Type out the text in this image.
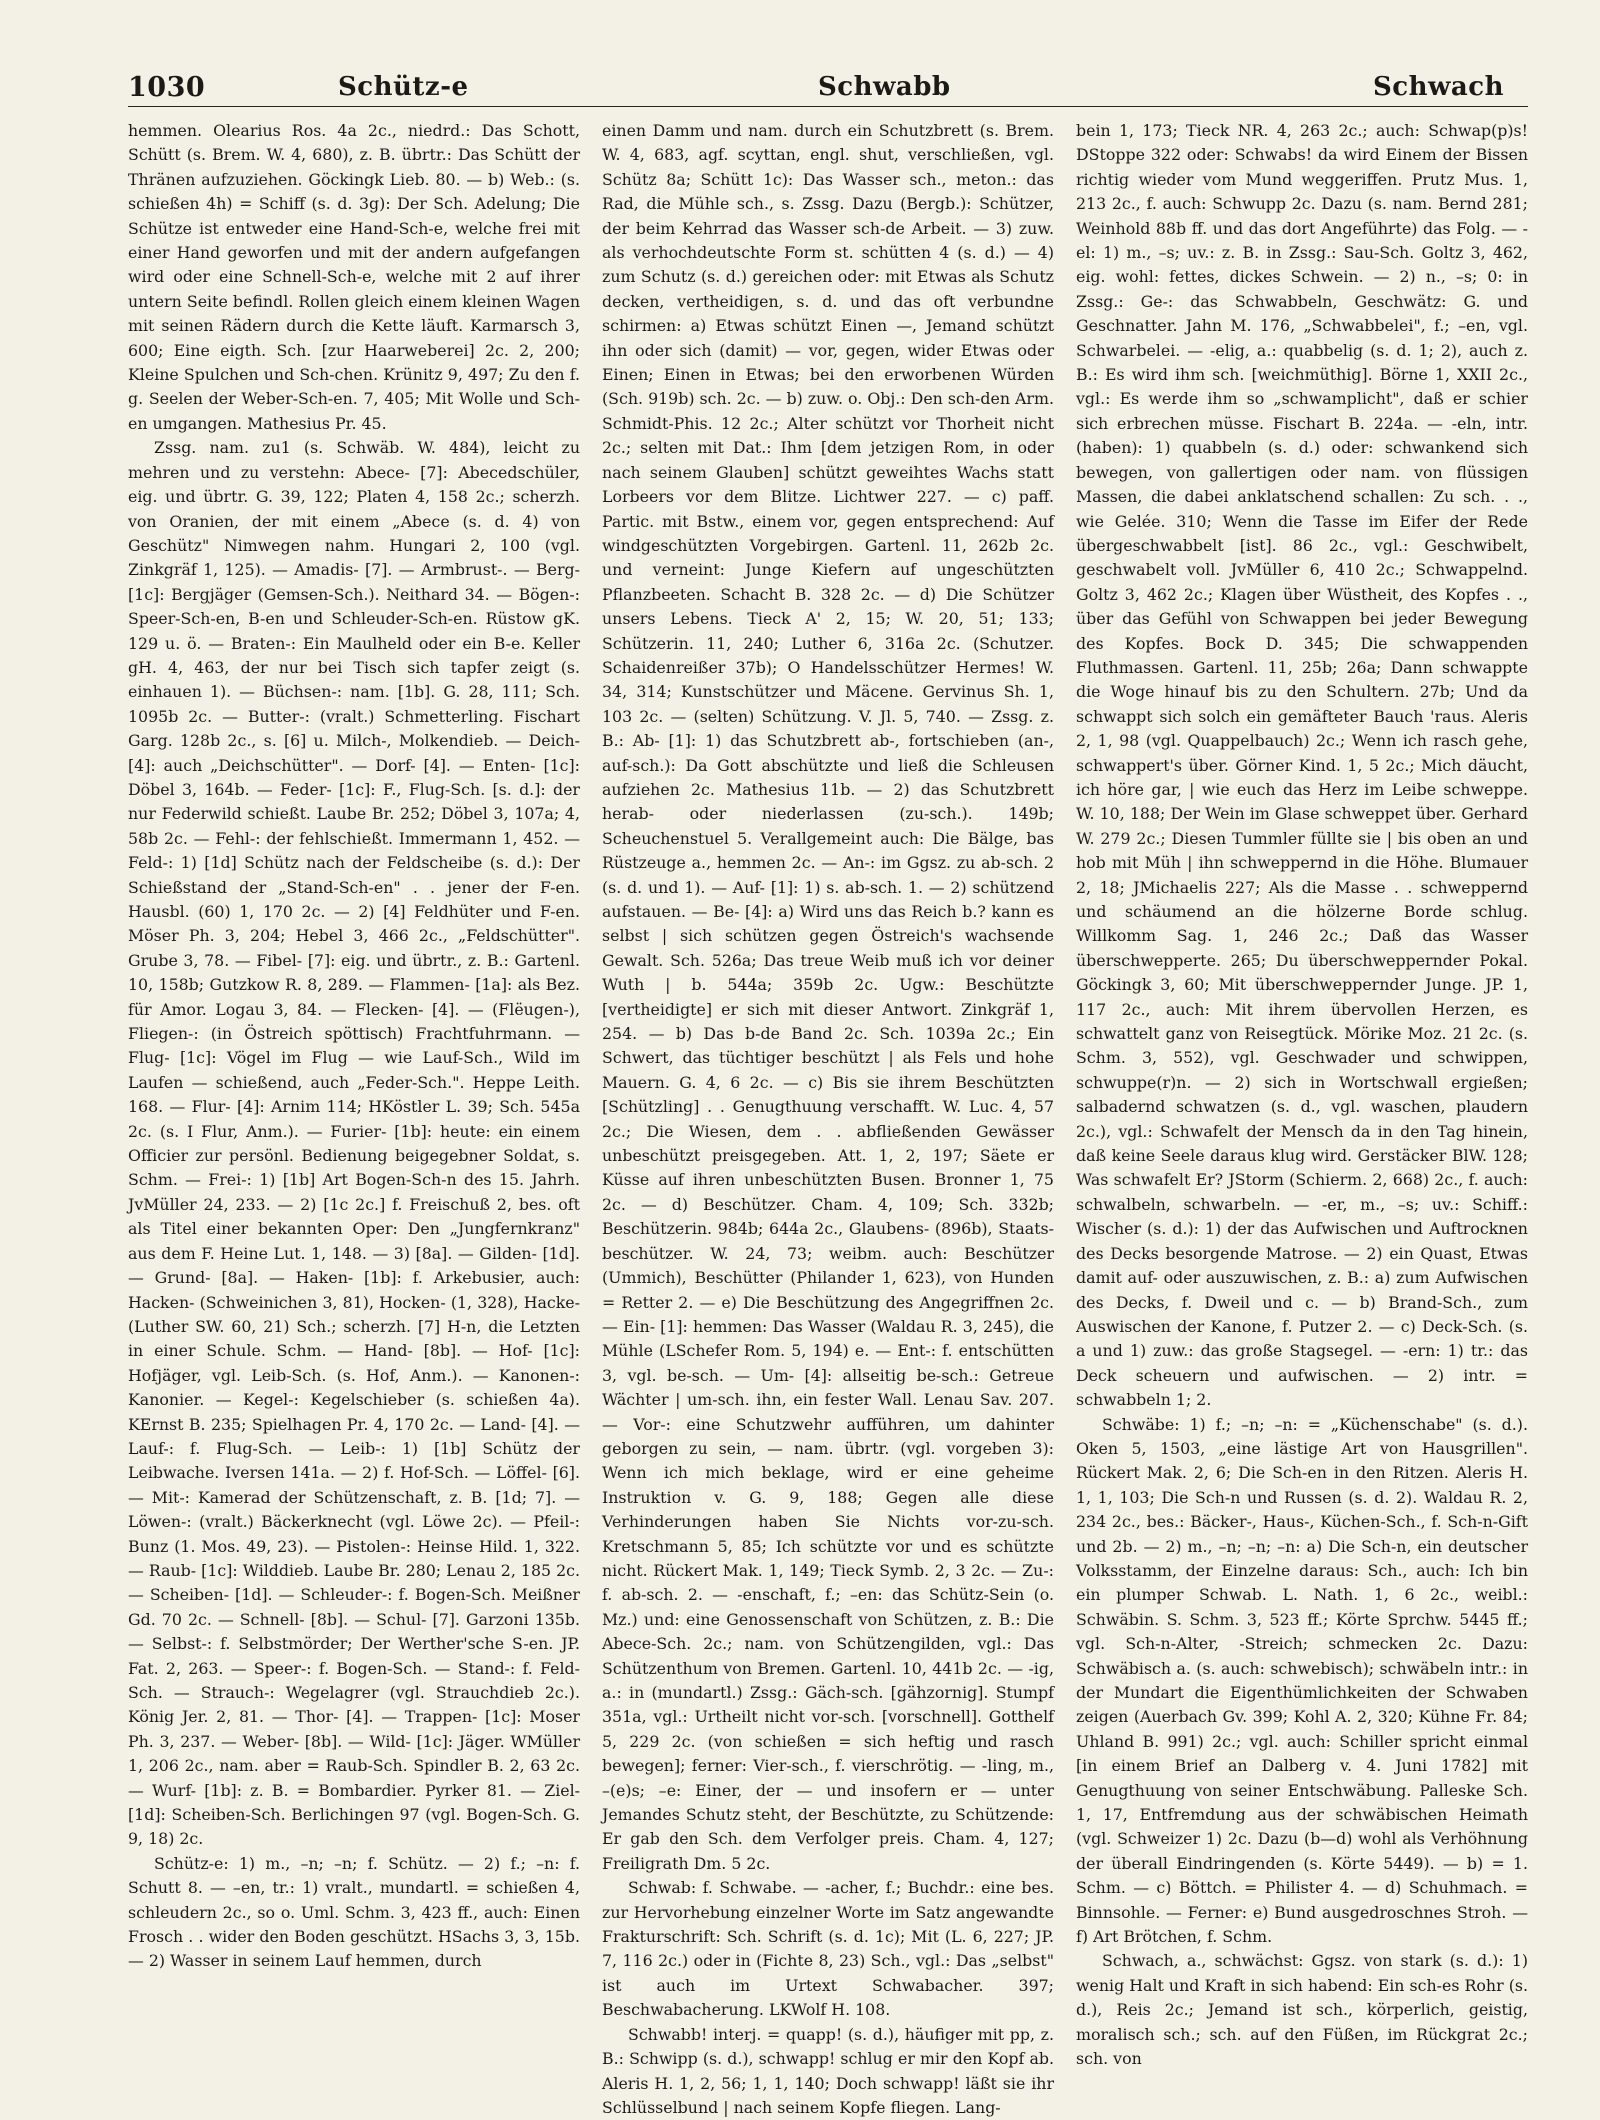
1030	Schütz-e	Schwabb	Schwach

hemmen. Olearius Ros. 4a 2c., niedrd.: Das Schott, Schütt (s. Brem. W. 4, 680), z. B. übrtr.: Das Schütt der Thränen aufzuziehen. Göckingk Lieb. 80. — b) Web.: (s. schießen 4h) = Schiff (s. d. 3g): Der Sch. Adelung; Die Schütze ist entweder eine Hand-Sch-e, welche frei mit einer Hand geworfen und mit der andern aufgefangen wird oder eine Schnell-Sch-e, welche mit 2 auf ihrer untern Seite befindl. Rollen gleich einem kleinen Wagen mit seinen Rädern durch die Kette läuft. Karmarsch 3, 600; Eine eigth. Sch. [zur Haarweberei] 2c. 2, 200; Kleine Spulchen und Sch-chen. Krünitz 9, 497; Zu den f. g. Seelen der Weber-Sch-en. 7, 405; Mit Wolle und Sch-en umgangen. Mathesius Pr. 45.

Zssg. nam. zu1 (s. Schwäb. W. 484), leicht zu mehren und zu verstehn: Abece- [7]: Abecedschüler, eig. und übrtr. G. 39, 122; Platen 4, 158 2c.; scherzh. von Oranien, der mit einem „Abece (s. d. 4) von Geschütz" Nimwegen nahm. Hungari 2, 100 (vgl. Zinkgräf 1, 125). — Amadis- [7]. — Armbrust-. — Berg- [1c]: Bergjäger (Gemsen-Sch.). Neithard 34. — Bögen-: Speer-Sch-en, B-en und Schleuder-Sch-en. Rüstow gK. 129 u. ö. — Braten-: Ein Maulheld oder ein B-e. Keller gH. 4, 463, der nur bei Tisch sich tapfer zeigt (s. einhauen 1). — Büchsen-: nam. [1b]. G. 28, 111; Sch. 1095b 2c. — Butter-: (vralt.) Schmetterling. Fischart Garg. 128b 2c., s. [6] u. Milch-, Molkendieb. — Deich- [4]: auch „Deichschütter". — Dorf- [4]. — Enten- [1c]: Döbel 3, 164b. — Feder- [1c]: F., Flug-Sch. [s. d.]: der nur Federwild schießt. Laube Br. 252; Döbel 3, 107a; 4, 58b 2c. — Fehl-: der fehlschießt. Immermann 1, 452. — Feld-: 1) [1d] Schütz nach der Feldscheibe (s. d.): Der Schießstand der „Stand-Sch-en" . . jener der F-en. Hausbl. (60) 1, 170 2c. — 2) [4] Feldhüter und F-en. Möser Ph. 3, 204; Hebel 3, 466 2c., „Feldschütter". Grube 3, 78. — Fibel- [7]: eig. und übrtr., z. B.: Gartenl. 10, 158b; Gutzkow R. 8, 289. — Flammen- [1a]: als Bez. für Amor. Logau 3, 84. — Flecken- [4]. — (Flëugen-), Fliegen-: (in Östreich spöttisch) Frachtfuhrmann. — Flug- [1c]: Vögel im Flug — wie Lauf-Sch., Wild im Laufen — schießend, auch „Feder-Sch.". Heppe Leith. 168. — Flur- [4]: Arnim 114; HKöstler L. 39; Sch. 545a 2c. (s. I Flur, Anm.). — Furier- [1b]: heute: ein einem Officier zur persönl. Bedienung beigegebner Soldat, s. Schm. — Frei-: 1) [1b] Art Bogen-Sch-n des 15. Jahrh. JvMüller 24, 233. — 2) [1c 2c.] f. Freischuß 2, bes. oft als Titel einer bekannten Oper: Den „Jungfernkranz" aus dem F. Heine Lut. 1, 148. — 3) [8a]. — Gilden- [1d]. — Grund- [8a]. — Haken- [1b]: f. Arkebusier, auch: Hacken- (Schweinichen 3, 81), Hocken- (1, 328), Hacke- (Luther SW. 60, 21) Sch.; scherzh. [7] H-n, die Letzten in einer Schule. Schm. — Hand- [8b]. — Hof- [1c]: Hofjäger, vgl. Leib-Sch. (s. Hof, Anm.). — Kanonen-: Kanonier. — Kegel-: Kegelschieber (s. schießen 4a). KErnst B. 235; Spielhagen Pr. 4, 170 2c. — Land- [4]. — Lauf-: f. Flug-Sch. — Leib-: 1) [1b] Schütz der Leibwache. Iversen 141a. — 2) f. Hof-Sch. — Löffel- [6]. — Mit-: Kamerad der Schützenschaft, z. B. [1d; 7]. — Löwen-: (vralt.) Bäckerknecht (vgl. Löwe 2c). — Pfeil-: Bunz (1. Mos. 49, 23). — Pistolen-: Heinse Hild. 1, 322. — Raub- [1c]: Wilddieb. Laube Br. 280; Lenau 2, 185 2c. — Scheiben- [1d]. — Schleuder-: f. Bogen-Sch. Meißner Gd. 70 2c. — Schnell- [8b]. — Schul- [7]. Garzoni 135b. — Selbst-: f. Selbstmörder; Der Werther'sche S-en. JP. Fat. 2, 263. — Speer-: f. Bogen-Sch. — Stand-: f. Feld-Sch. — Strauch-: Wegelagrer (vgl. Strauchdieb 2c.). König Jer. 2, 81. — Thor- [4]. — Trappen- [1c]: Moser Ph. 3, 237. — Weber- [8b]. — Wild- [1c]: Jäger. WMüller 1, 206 2c., nam. aber = Raub-Sch. Spindler B. 2, 63 2c. — Wurf- [1b]: z. B. = Bombardier. Pyrker 81. — Ziel- [1d]: Scheiben-Sch. Berlichingen 97 (vgl. Bogen-Sch. G. 9, 18) 2c.

Schütz-e: 1) m., –n; –n; f. Schütz. — 2) f.; –n: f. Schutt 8. — –en, tr.: 1) vralt., mundartl. = schießen 4, schleudern 2c., so o. Uml. Schm. 3, 423 ff., auch: Einen Frosch . . wider den Boden geschützt. HSachs 3, 3, 15b. — 2) Wasser in seinem Lauf hemmen, durch

einen Damm und nam. durch ein Schutzbrett (s. Brem. W. 4, 683, agf. scyttan, engl. shut, verschließen, vgl. Schütz 8a; Schütt 1c): Das Wasser sch., meton.: das Rad, die Mühle sch., s. Zssg. Dazu (Bergb.): Schützer, der beim Kehrrad das Wasser sch-de Arbeit. — 3) zuw. als verhochdeutschte Form st. schütten 4 (s. d.) — 4) zum Schutz (s. d.) gereichen oder: mit Etwas als Schutz decken, vertheidigen, s. d. und das oft verbundne schirmen: a) Etwas schützt Einen —, Jemand schützt ihn oder sich (damit) — vor, gegen, wider Etwas oder Einen; Einen in Etwas; bei den erworbenen Würden (Sch. 919b) sch. 2c. — b) zuw. o. Obj.: Den sch-den Arm. Schmidt-Phis. 12 2c.; Alter schützt vor Thorheit nicht 2c.; selten mit Dat.: Ihm [dem jetzigen Rom, in oder nach seinem Glauben] schützt geweihtes Wachs statt Lorbeers vor dem Blitze. Lichtwer 227. — c) paff. Partic. mit Bstw., einem vor, gegen entsprechend: Auf windgeschützten Vorgebirgen. Gartenl. 11, 262b 2c. und verneint: Junge Kiefern auf ungeschützten Pflanzbeeten. Schacht B. 328 2c. — d) Die Schützer unsers Lebens. Tieck A' 2, 15; W. 20, 51; 133; Schützerin. 11, 240; Luther 6, 316a 2c. (Schutzer. Schaidenreißer 37b); O Handelsschützer Hermes! W. 34, 314; Kunstschützer und Mäcene. Gervinus Sh. 1, 103 2c. — (selten) Schützung. V. Jl. 5, 740. — Zssg. z. B.: Ab- [1]: 1) das Schutzbrett ab-, fortschieben (an-, auf-sch.): Da Gott abschützte und ließ die Schleusen aufziehen 2c. Mathesius 11b. — 2) das Schutzbrett herab- oder niederlassen (zu-sch.). 149b; Scheuchenstuel 5. Verallgemeint auch: Die Bälge, bas Rüstzeuge a., hemmen 2c. — An-: im Ggsz. zu ab-sch. 2 (s. d. und 1). — Auf- [1]: 1) s. ab-sch. 1. — 2) schützend aufstauen. — Be- [4]: a) Wird uns das Reich b.? kann es selbst | sich schützen gegen Östreich's wachsende Gewalt. Sch. 526a; Das treue Weib muß ich vor deiner Wuth | b. 544a; 359b 2c. Ugw.: Beschützte [vertheidigte] er sich mit dieser Antwort. Zinkgräf 1, 254. — b) Das b-de Band 2c. Sch. 1039a 2c.; Ein Schwert, das tüchtiger beschützt | als Fels und hohe Mauern. G. 4, 6 2c. — c) Bis sie ihrem Beschützten [Schützling] . . Genugthuung verschafft. W. Luc. 4, 57 2c.; Die Wiesen, dem . . abfließenden Gewässer unbeschützt preisgegeben. Att. 1, 2, 197; Säete er Küsse auf ihren unbeschützten Busen. Bronner 1, 75 2c. — d) Beschützer. Cham. 4, 109; Sch. 332b; Beschützerin. 984b; 644a 2c., Glaubens- (896b), Staats-beschützer. W. 24, 73; weibm. auch: Beschützer (Ummich), Beschütter (Philander 1, 623), von Hunden = Retter 2. — e) Die Beschützung des Angegriffnen 2c. — Ein- [1]: hemmen: Das Wasser (Waldau R. 3, 245), die Mühle (LSchefer Rom. 5, 194) e. — Ent-: f. entschütten 3, vgl. be-sch. — Um- [4]: allseitig be-sch.: Getreue Wächter | um-sch. ihn, ein fester Wall. Lenau Sav. 207. — Vor-: eine Schutzwehr aufführen, um dahinter geborgen zu sein, — nam. übrtr. (vgl. vorgeben 3): Wenn ich mich beklage, wird er eine geheime Instruktion v. G. 9, 188; Gegen alle diese Verhinderungen haben Sie Nichts vor-zu-sch. Kretschmann 5, 85; Ich schützte vor und es schützte nicht. Rückert Mak. 1, 149; Tieck Symb. 2, 3 2c. — Zu-: f. ab-sch. 2. — -enschaft, f.; –en: das Schütz-Sein (o. Mz.) und: eine Genossenschaft von Schützen, z. B.: Die Abece-Sch. 2c.; nam. von Schützengilden, vgl.: Das Schützenthum von Bremen. Gartenl. 10, 441b 2c. — -ig, a.: in (mundartl.) Zssg.: Gäch-sch. [gähzornig]. Stumpf 351a, vgl.: Urtheilt nicht vor-sch. [vorschnell]. Gotthelf 5, 229 2c. (von schießen = sich heftig und rasch bewegen]; ferner: Vier-sch., f. vierschrötig. — -ling, m., –(e)s; –e: Einer, der — und insofern er — unter Jemandes Schutz steht, der Beschützte, zu Schützende: Er gab den Sch. dem Verfolger preis. Cham. 4, 127; Freiligrath Dm. 5 2c.

Schwab: f. Schwabe. — -acher, f.; Buchdr.: eine bes. zur Hervorhebung einzelner Worte im Satz angewandte Frakturschrift: Sch. Schrift (s. d. 1c); Mit (L. 6, 227; JP. 7, 116 2c.) oder in (Fichte 8, 23) Sch., vgl.: Das „selbst" ist auch im Urtext Schwabacher. 397; Beschwabacherung. LKWolf H. 108.

Schwabb! interj. = quapp! (s. d.), häufiger mit pp, z. B.: Schwipp (s. d.), schwapp! schlug er mir den Kopf ab. Aleris H. 1, 2, 56; 1, 1, 140; Doch schwapp! läßt sie ihr Schlüsselbund | nach seinem Kopfe fliegen. Lang-

bein 1, 173; Tieck NR. 4, 263 2c.; auch: Schwap(p)s! DStoppe 322 oder: Schwabs! da wird Einem der Bissen richtig wieder vom Mund weggeriffen. Prutz Mus. 1, 213 2c., f. auch: Schwupp 2c. Dazu (s. nam. Bernd 281; Weinhold 88b ff. und das dort Angeführte) das Folg. — -el: 1) m., –s; uv.: z. B. in Zssg.: Sau-Sch. Goltz 3, 462, eig. wohl: fettes, dickes Schwein. — 2) n., –s; 0: in Zssg.: Ge-: das Schwabbeln, Geschwätz: G. und Geschnatter. Jahn M. 176, „Schwabbelei", f.; –en, vgl. Schwarbelei. — -elig, a.: quabbelig (s. d. 1; 2), auch z. B.: Es wird ihm sch. [weichmüthig]. Börne 1, XXII 2c., vgl.: Es werde ihm so „schwamplicht", daß er schier sich erbrechen müsse. Fischart B. 224a. — -eln, intr. (haben): 1) quabbeln (s. d.) oder: schwankend sich bewegen, von gallertigen oder nam. von flüssigen Massen, die dabei anklatschend schallen: Zu sch. . ., wie Gelée. 310; Wenn die Tasse im Eifer der Rede übergeschwabbelt [ist]. 86 2c., vgl.: Geschwibelt, geschwabelt voll. JvMüller 6, 410 2c.; Schwappelnd. Goltz 3, 462 2c.; Klagen über Wüstheit, des Kopfes . ., über das Gefühl von Schwappen bei jeder Bewegung des Kopfes. Bock D. 345; Die schwappenden Fluthmassen. Gartenl. 11, 25b; 26a; Dann schwappte die Woge hinauf bis zu den Schultern. 27b; Und da schwappt sich solch ein gemäfteter Bauch 'raus. Aleris 2, 1, 98 (vgl. Quappelbauch) 2c.; Wenn ich rasch gehe, schwappert's über. Görner Kind. 1, 5 2c.; Mich däucht, ich höre gar, | wie euch das Herz im Leibe schweppe. W. 10, 188; Der Wein im Glase schweppet über. Gerhard W. 279 2c.; Diesen Tummler füllte sie | bis oben an und hob mit Müh | ihn schweppernd in die Höhe. Blumauer 2, 18; JMichaelis 227; Als die Masse . . schweppernd und schäumend an die hölzerne Borde schlug. Willkomm Sag. 1, 246 2c.; Daß das Wasser überschwepperte. 265; Du überschweppernder Pokal. Göckingk 3, 60; Mit überschweppernder Junge. JP. 1, 117 2c., auch: Mit ihrem übervollen Herzen, es schwattelt ganz von Reisegtück. Mörike Moz. 21 2c. (s. Schm. 3, 552), vgl. Geschwader und schwippen, schwuppe(r)n. — 2) sich in Wortschwall ergießen; salbadernd schwatzen (s. d., vgl. waschen, plaudern 2c.), vgl.: Schwafelt der Mensch da in den Tag hinein, daß keine Seele daraus klug wird. Gerstäcker BlW. 128; Was schwafelt Er? JStorm (Schierm. 2, 668) 2c., f. auch: schwalbeln, schwarbeln. — -er, m., –s; uv.: Schiff.: Wischer (s. d.): 1) der das Aufwischen und Auftrocknen des Decks besorgende Matrose. — 2) ein Quast, Etwas damit auf- oder auszuwischen, z. B.: a) zum Aufwischen des Decks, f. Dweil und c. — b) Brand-Sch., zum Auswischen der Kanone, f. Putzer 2. — c) Deck-Sch. (s. a und 1) zuw.: das große Stagsegel. — -ern: 1) tr.: das Deck scheuern und aufwischen. — 2) intr. = schwabbeln 1; 2.

Schwäbe: 1) f.; –n; –n: = „Küchenschabe" (s. d.). Oken 5, 1503, „eine lästige Art von Hausgrillen". Rückert Mak. 2, 6; Die Sch-en in den Ritzen. Aleris H. 1, 1, 103; Die Sch-n und Russen (s. d. 2). Waldau R. 2, 234 2c., bes.: Bäcker-, Haus-, Küchen-Sch., f. Sch-n-Gift und 2b. — 2) m., –n; –n; –n: a) Die Sch-n, ein deutscher Volksstamm, der Einzelne daraus: Sch., auch: Ich bin ein plumper Schwab. L. Nath. 1, 6 2c., weibl.: Schwäbin. S. Schm. 3, 523 ff.; Körte Sprchw. 5445 ff.; vgl. Sch-n-Alter, -Streich; schmecken 2c. Dazu: Schwäbisch a. (s. auch: schwebisch); schwäbeln intr.: in der Mundart die Eigenthümlichkeiten der Schwaben zeigen (Auerbach Gv. 399; Kohl A. 2, 320; Kühne Fr. 84; Uhland B. 991) 2c.; vgl. auch: Schiller spricht einmal [in einem Brief an Dalberg v. 4. Juni 1782] mit Genugthuung von seiner Entschwäbung. Palleske Sch. 1, 17, Entfremdung aus der schwäbischen Heimath (vgl. Schweizer 1) 2c. Dazu (b—d) wohl als Verhöhnung der überall Eindringenden (s. Körte 5449). — b) = 1. Schm. — c) Böttch. = Philister 4. — d) Schuhmach. = Binnsohle. — Ferner: e) Bund ausgedroschnes Stroh. — f) Art Brötchen, f. Schm.

Schwach, a., schwächst: Ggsz. von stark (s. d.): 1) wenig Halt und Kraft in sich habend: Ein sch-es Rohr (s. d.), Reis 2c.; Jemand ist sch., körperlich, geistig, moralisch sch.; sch. auf den Füßen, im Rückgrat 2c.; sch. von
